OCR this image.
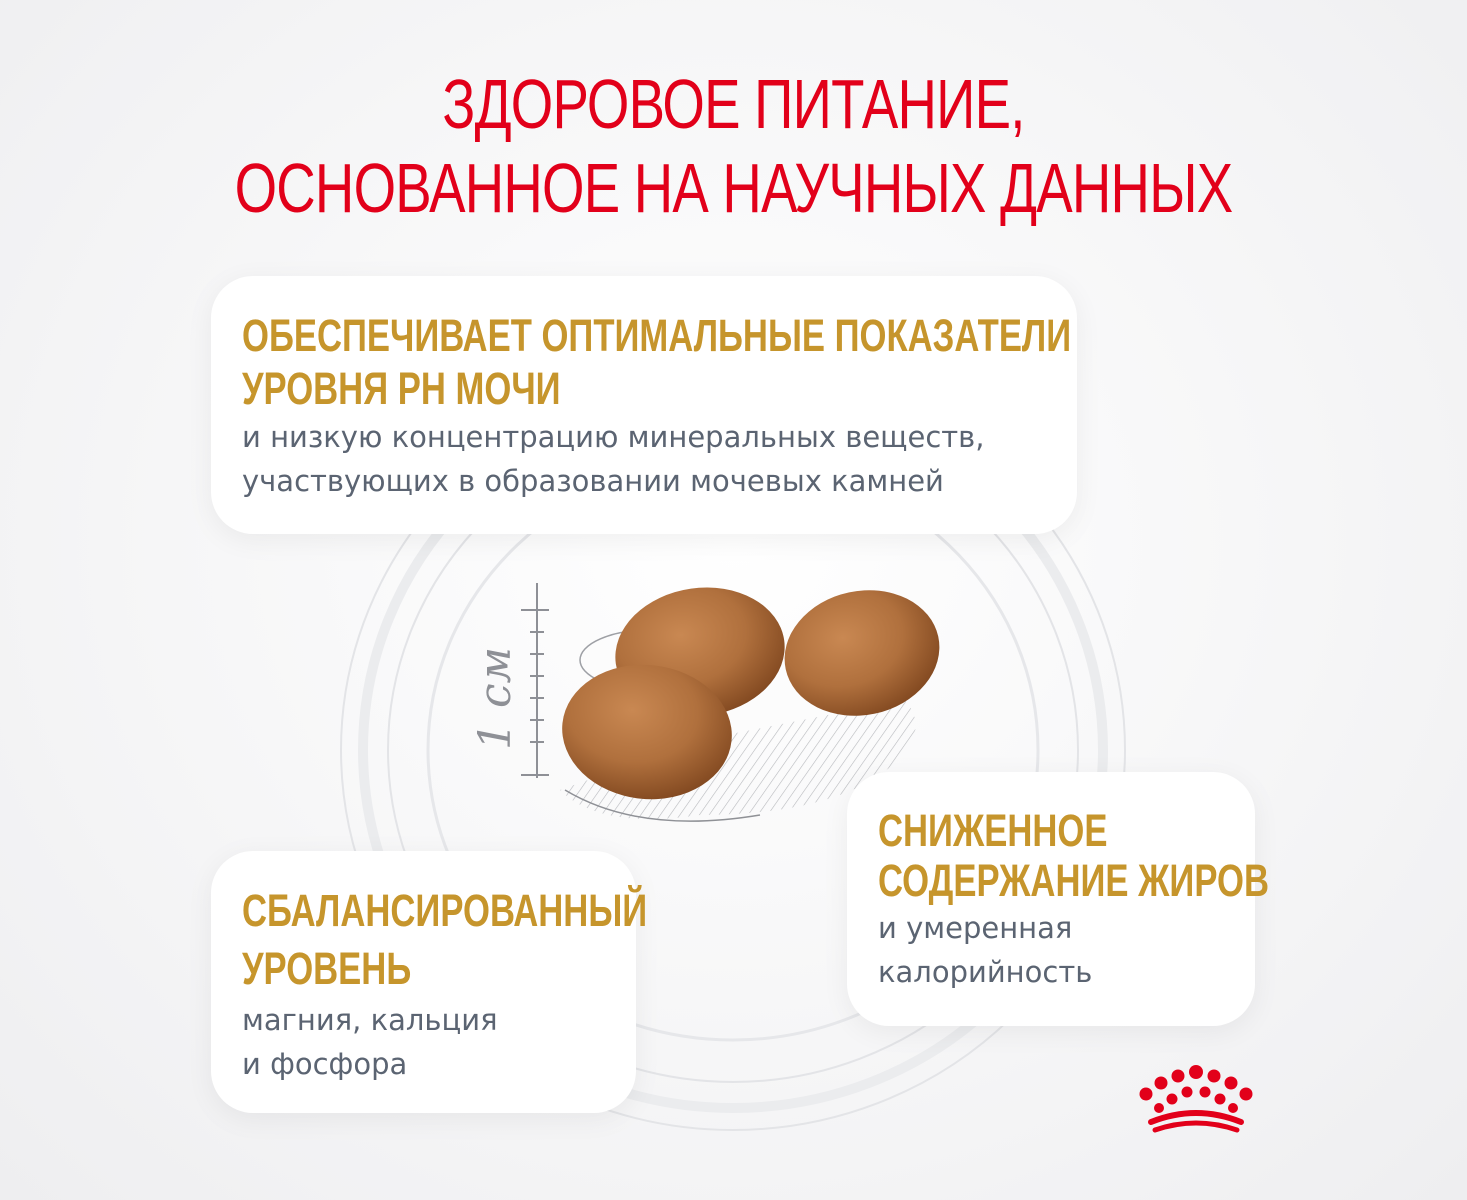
ЗДОРОВОЕ ПИТАНИЕ,
ОСНОВАННОЕ НА НАУЧНЫХ ДАННЫХ
1 см
ОБЕСПЕЧИВАЕТ ОПТИМАЛЬНЫЕ ПОКАЗАТЕЛИ
УРОВНЯ РН МОЧИ
и низкую концентрацию минеральных веществ,
участвующих в образовании мочевых камней
СБАЛАНСИРОВАННЫЙ
УРОВЕНЬ
магния, кальция
и фосфора
СНИЖЕННОЕ
СОДЕРЖАНИЕ ЖИРОВ
и умеренная
калорийность
